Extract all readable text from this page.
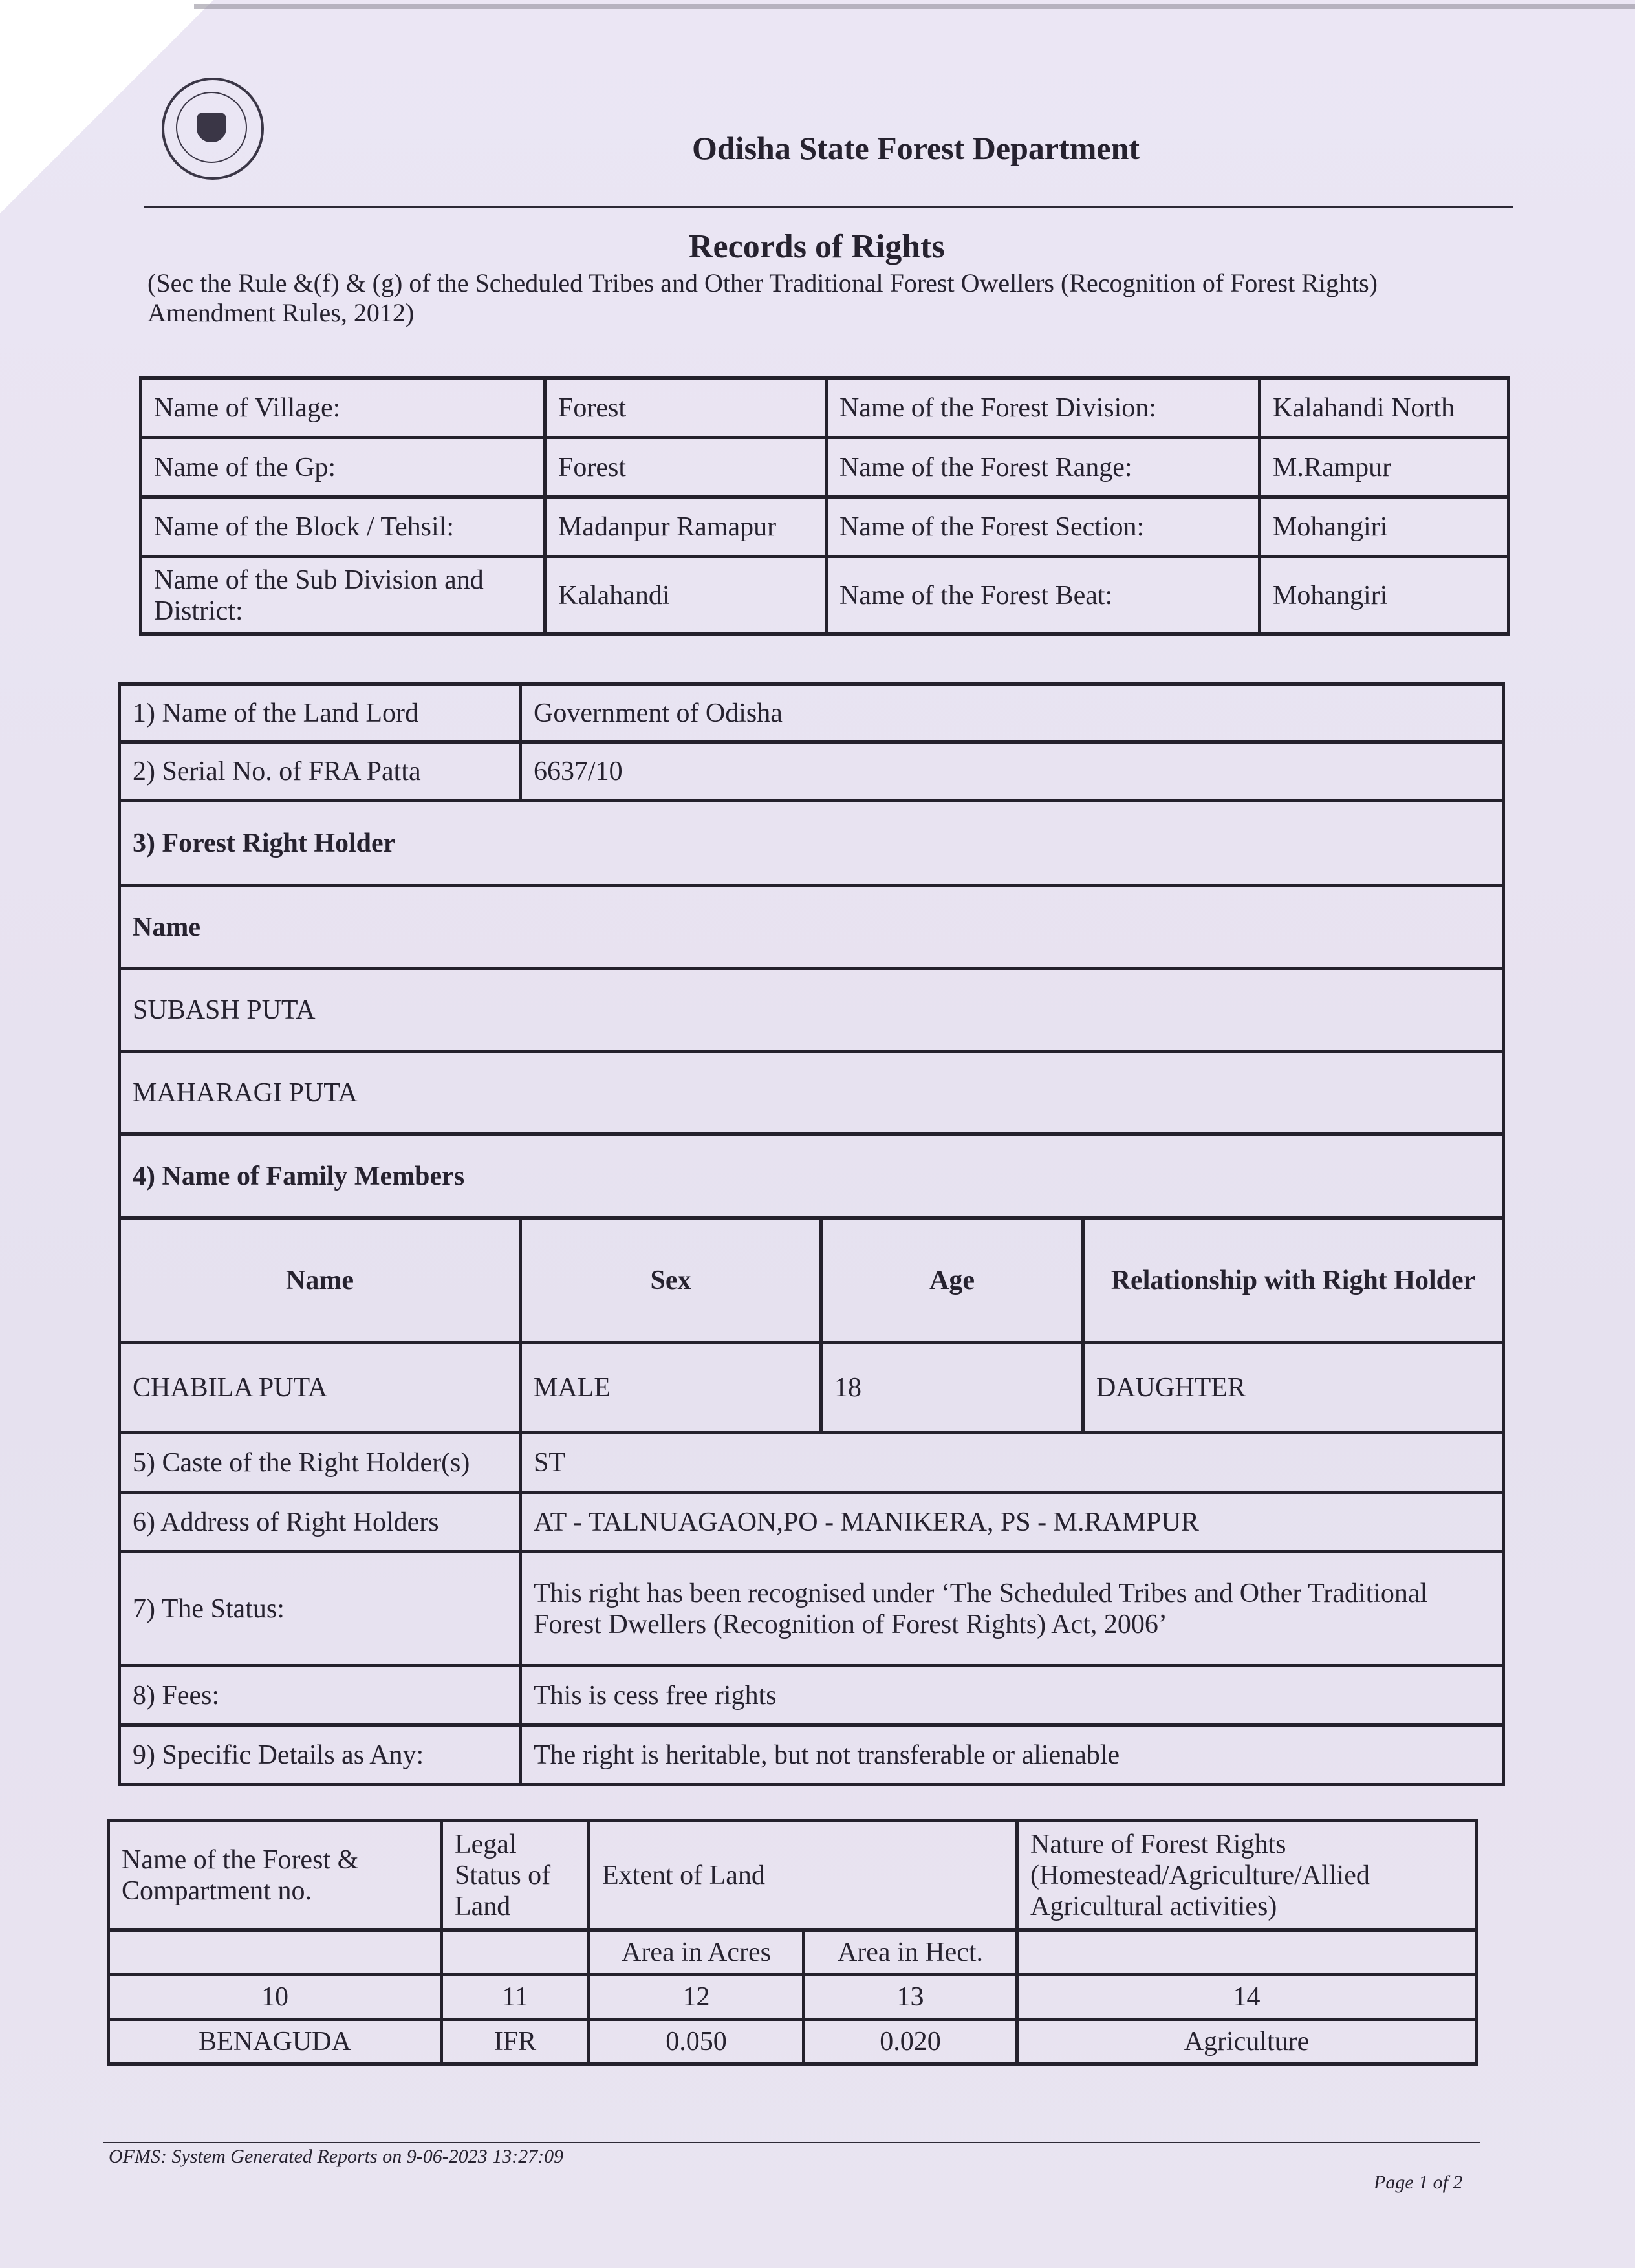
Odisha State Forest Department
Records of Rights
(Sec the Rule &(f) & (g) of the Scheduled Tribes and Other Traditional Forest Owellers (Recognition of Forest Rights) Amendment Rules, 2012)
Name of Village:	Forest	Name of the Forest Division:	Kalahandi North
Name of the Gp:	Forest	Name of the Forest Range:	M.Rampur
Name of the Block / Tehsil:	Madanpur Ramapur	Name of the Forest Section:	Mohangiri
Name of the Sub Division and District:	Kalahandi	Name of the Forest Beat:	Mohangiri
1) Name of the Land Lord	Government of Odisha		
2) Serial No. of FRA Patta	6637/10		
3) Forest Right Holder			
Name			
SUBASH PUTA			
MAHARAGI PUTA			
4) Name of Family Members			
Name	Sex	Age	Relationship with Right Holder
CHABILA PUTA	MALE	18	DAUGHTER
5) Caste of the Right Holder(s)	ST		
6) Address of Right Holders	AT - TALNUAGAON,PO - MANIKERA, PS - M.RAMPUR		
7) The Status:	This right has been recognised under ‘The Scheduled Tribes and Other Traditional
Forest Dwellers (Recognition of Forest Rights) Act, 2006’		

8) Fees:	This is cess free rights		
9) Specific Details as Any:	The right is heritable, but not transferable or alienable		
Name of the Forest & Compartment no.	Legal Status of Land	Extent of Land		Nature of Forest Rights (Homestead/Agriculture/Allied Agricultural activities)
		Area in Acres	Area in Hect.	
10	11	12	13	14
BENAGUDA	IFR	0.050	0.020	Agriculture
OFMS: System Generated Reports on 9-06-2023 13:27:09
Page 1 of 2
